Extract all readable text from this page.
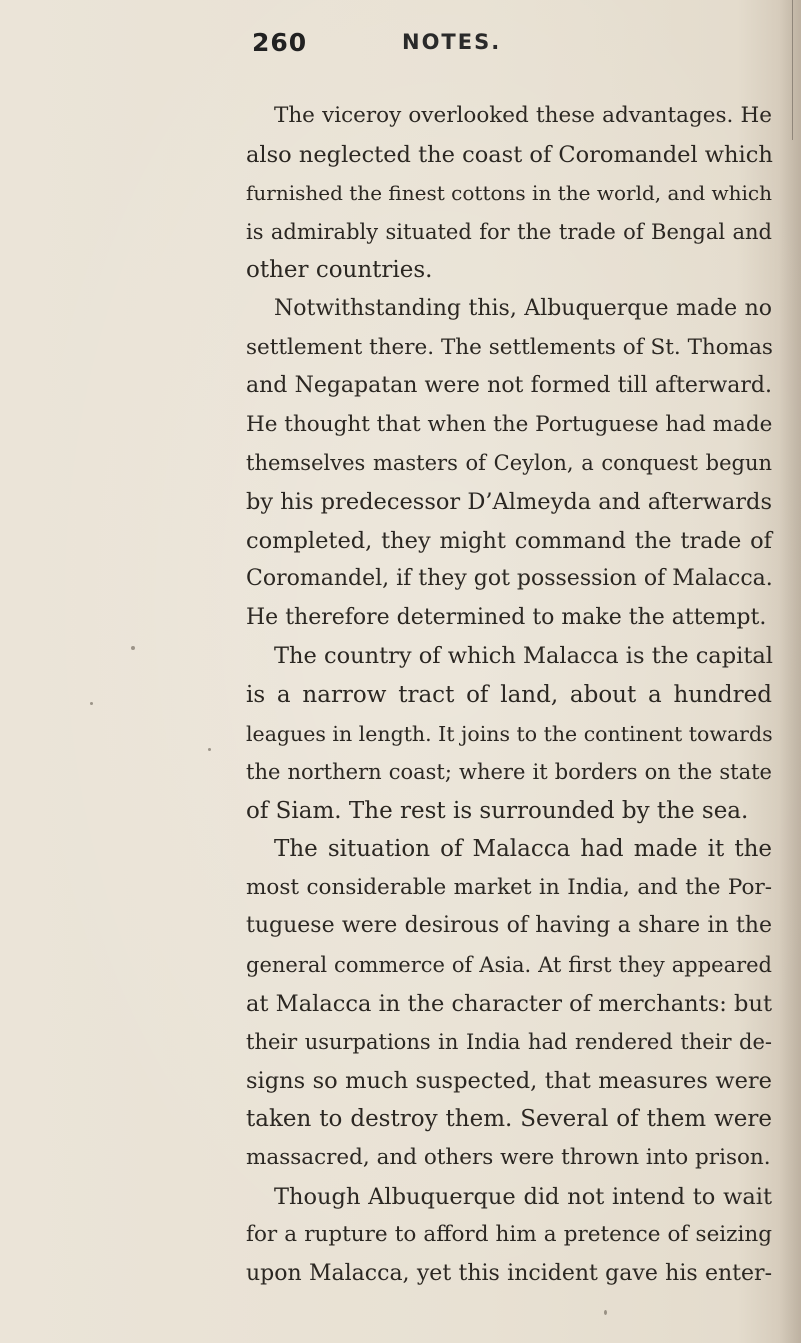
260	NOTES.
The viceroy overlooked these advantages. He
also neglected the coast of Coromandel which
furnished the finest cottons in the world, and which
is admirably situated for the trade of Bengal and
other countries.
Notwithstanding this, Albuquerque made no
settlement there. The settlements of St. Thomas
and Negapatan were not formed till afterward.
He thought that when the Portuguese had made
themselves masters of Ceylon, a conquest begun
by his predecessor D’Almeyda and afterwards
completed, they might command the trade of
Coromandel, if they got possession of Malacca.
He therefore determined to make the attempt.
The country of which Malacca is the capital
is a narrow tract of land, about a hundred
leagues in length. It joins to the continent towards
the northern coast; where it borders on the state
of Siam. The rest is surrounded by the sea.
The situation of Malacca had made it the
most considerable market in India, and the Por-
tuguese were desirous of having a share in the
general commerce of Asia. At first they appeared
at Malacca in the character of merchants: but
their usurpations in India had rendered their de-
signs so much suspected, that measures were
taken to destroy them. Several of them were
massacred, and others were thrown into prison.
Though Albuquerque did not intend to wait
for a rupture to afford him a pretence of seizing
upon Malacca, yet this incident gave his enter-
